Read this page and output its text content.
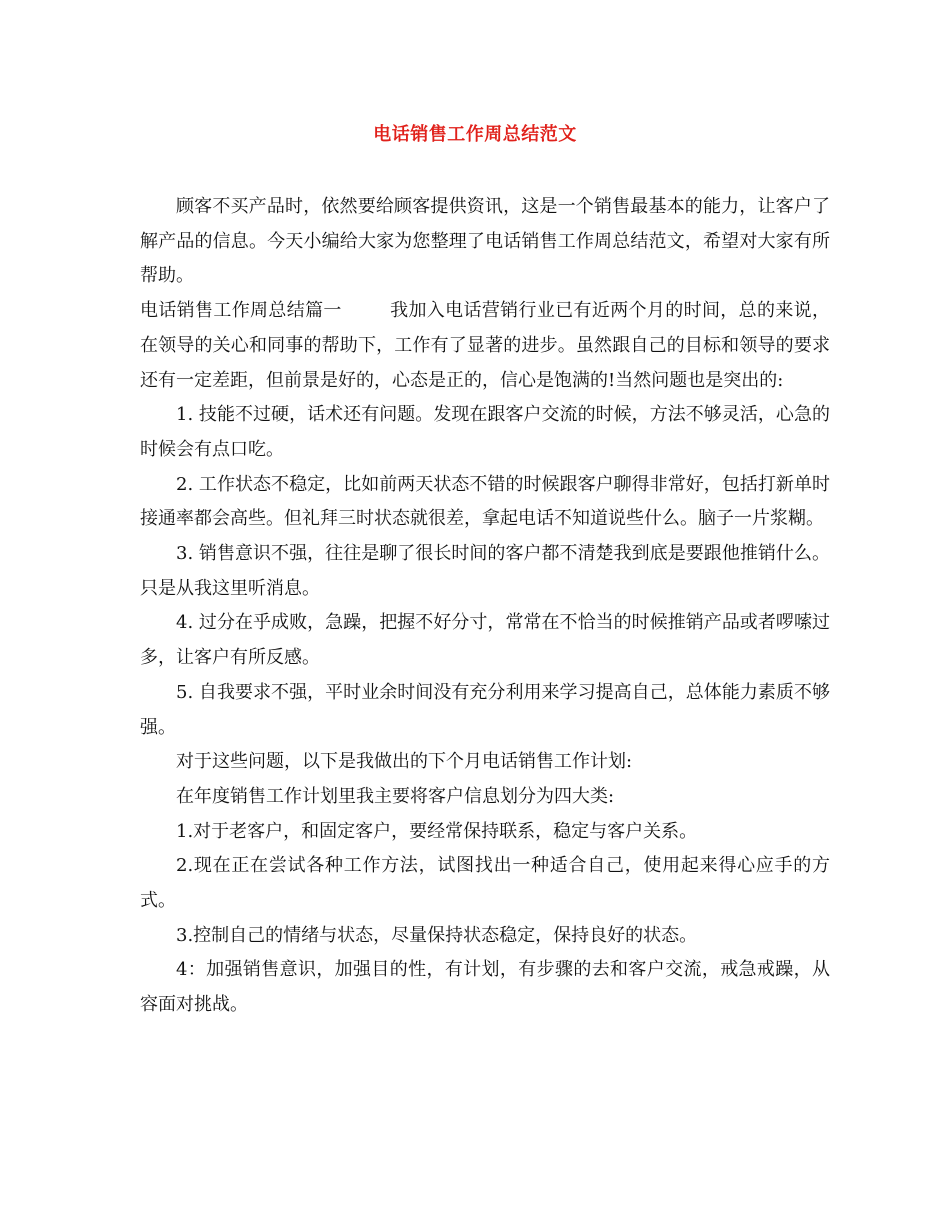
电话销售工作周总结范文

顾客不买产品时，依然要给顾客提供资讯，这是一个销售最基本的能力，让客户了解产品的信息。今天小编给大家为您整理了电话销售工作周总结范文，希望对大家有所帮助。

电话销售工作周总结篇一	我加入电话营销行业已有近两个月的时间，总的来说，在领导的关心和同事的帮助下，工作有了显著的进步。虽然跟自己的目标和领导的要求还有一定差距，但前景是好的，心态是正的，信心是饱满的!当然问题也是突出的:

1. 技能不过硬，话术还有问题。发现在跟客户交流的时候，方法不够灵活，心急的时候会有点口吃。

2. 工作状态不稳定，比如前两天状态不错的时候跟客户聊得非常好，包括打新单时接通率都会高些。但礼拜三时状态就很差，拿起电话不知道说些什么。脑子一片浆糊。

3. 销售意识不强，往往是聊了很长时间的客户都不清楚我到底是要跟他推销什么。只是从我这里听消息。

4. 过分在乎成败，急躁，把握不好分寸，常常在不恰当的时候推销产品或者啰嗦过多，让客户有所反感。

5. 自我要求不强，平时业余时间没有充分利用来学习提高自己，总体能力素质不够强。

对于这些问题，以下是我做出的下个月电话销售工作计划:

在年度销售工作计划里我主要将客户信息划分为四大类:

1.对于老客户，和固定客户，要经常保持联系，稳定与客户关系。

2.现在正在尝试各种工作方法，试图找出一种适合自己，使用起来得心应手的方式。

3.控制自己的情绪与状态，尽量保持状态稳定，保持良好的状态。

4：加强销售意识，加强目的性，有计划，有步骤的去和客户交流，戒急戒躁，从容面对挑战。
